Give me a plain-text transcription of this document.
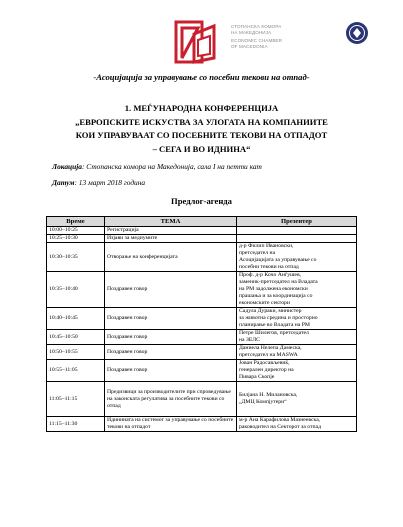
СТОПАНСКА КОМОРА
НА МАКЕДОНИЈА
ECONOMIC CHAMBER
OF MACEDONIA
-Асоцијација за управување со посебни текови на отпад-
1. МЕЃУНАРОДНА КОНФЕРЕНЦИЈА
„ЕВРОПСКИТЕ ИСКУСТВА ЗА УЛОГАТА НА КОМПАНИИТЕ
КОИ УПРАВУВААТ СО ПОСЕБНИТЕ ТЕКОВИ НА ОТПАДОТ
– СЕГА И ВО ИДНИНА“
Локација: Стопанска комора на Македонија, сала I на петти кат
Датум: 13 март 2018 година
Предлог-агенда
Време	ТЕМА	Презентер
10:00–10:25	Регистрација	
10:25–10:30	Изјави за медиумите	
10:30–10:35	Отворање на конференцијата	д-р Филип Ивановски,
претседател на
Асоцијацијата за управување со
посебни текови на отпад

10:35–10:40	Поздравен говор	Проф. д-р Кочо Анѓушев,
заменик-претседател на Владата
на РМ задолжена економски
прашања и за координација со
економските сектори

10:40–10:45	Поздравен говор	Садула Дураки, министер
за животна средина и просторно
планирање во Владата на РМ

10:45–10:50	Поздравен говор	Петре Шилегов, претседател
на ЗЕЛС

10:50–10:55	Поздравен говор	Даниела Нелепа Дамеска,
претседател на MASWA

10:55–11:05	Поздравен говор	Јован Радосављевиќ,
генерален директор на
Пивара Скопје

11:05–11:15	Предизвици за производителите при спроведување на законската регулатива за посебните текови со отпад	Билјана Н. Милановска,
„ДМЦ Компјутери“

11:15–11:30	Идинината на системот за управување со посебните текови на отпадот	м-р Ана Карафилова Мазнеевска,
раководител на Секторот за отпад
